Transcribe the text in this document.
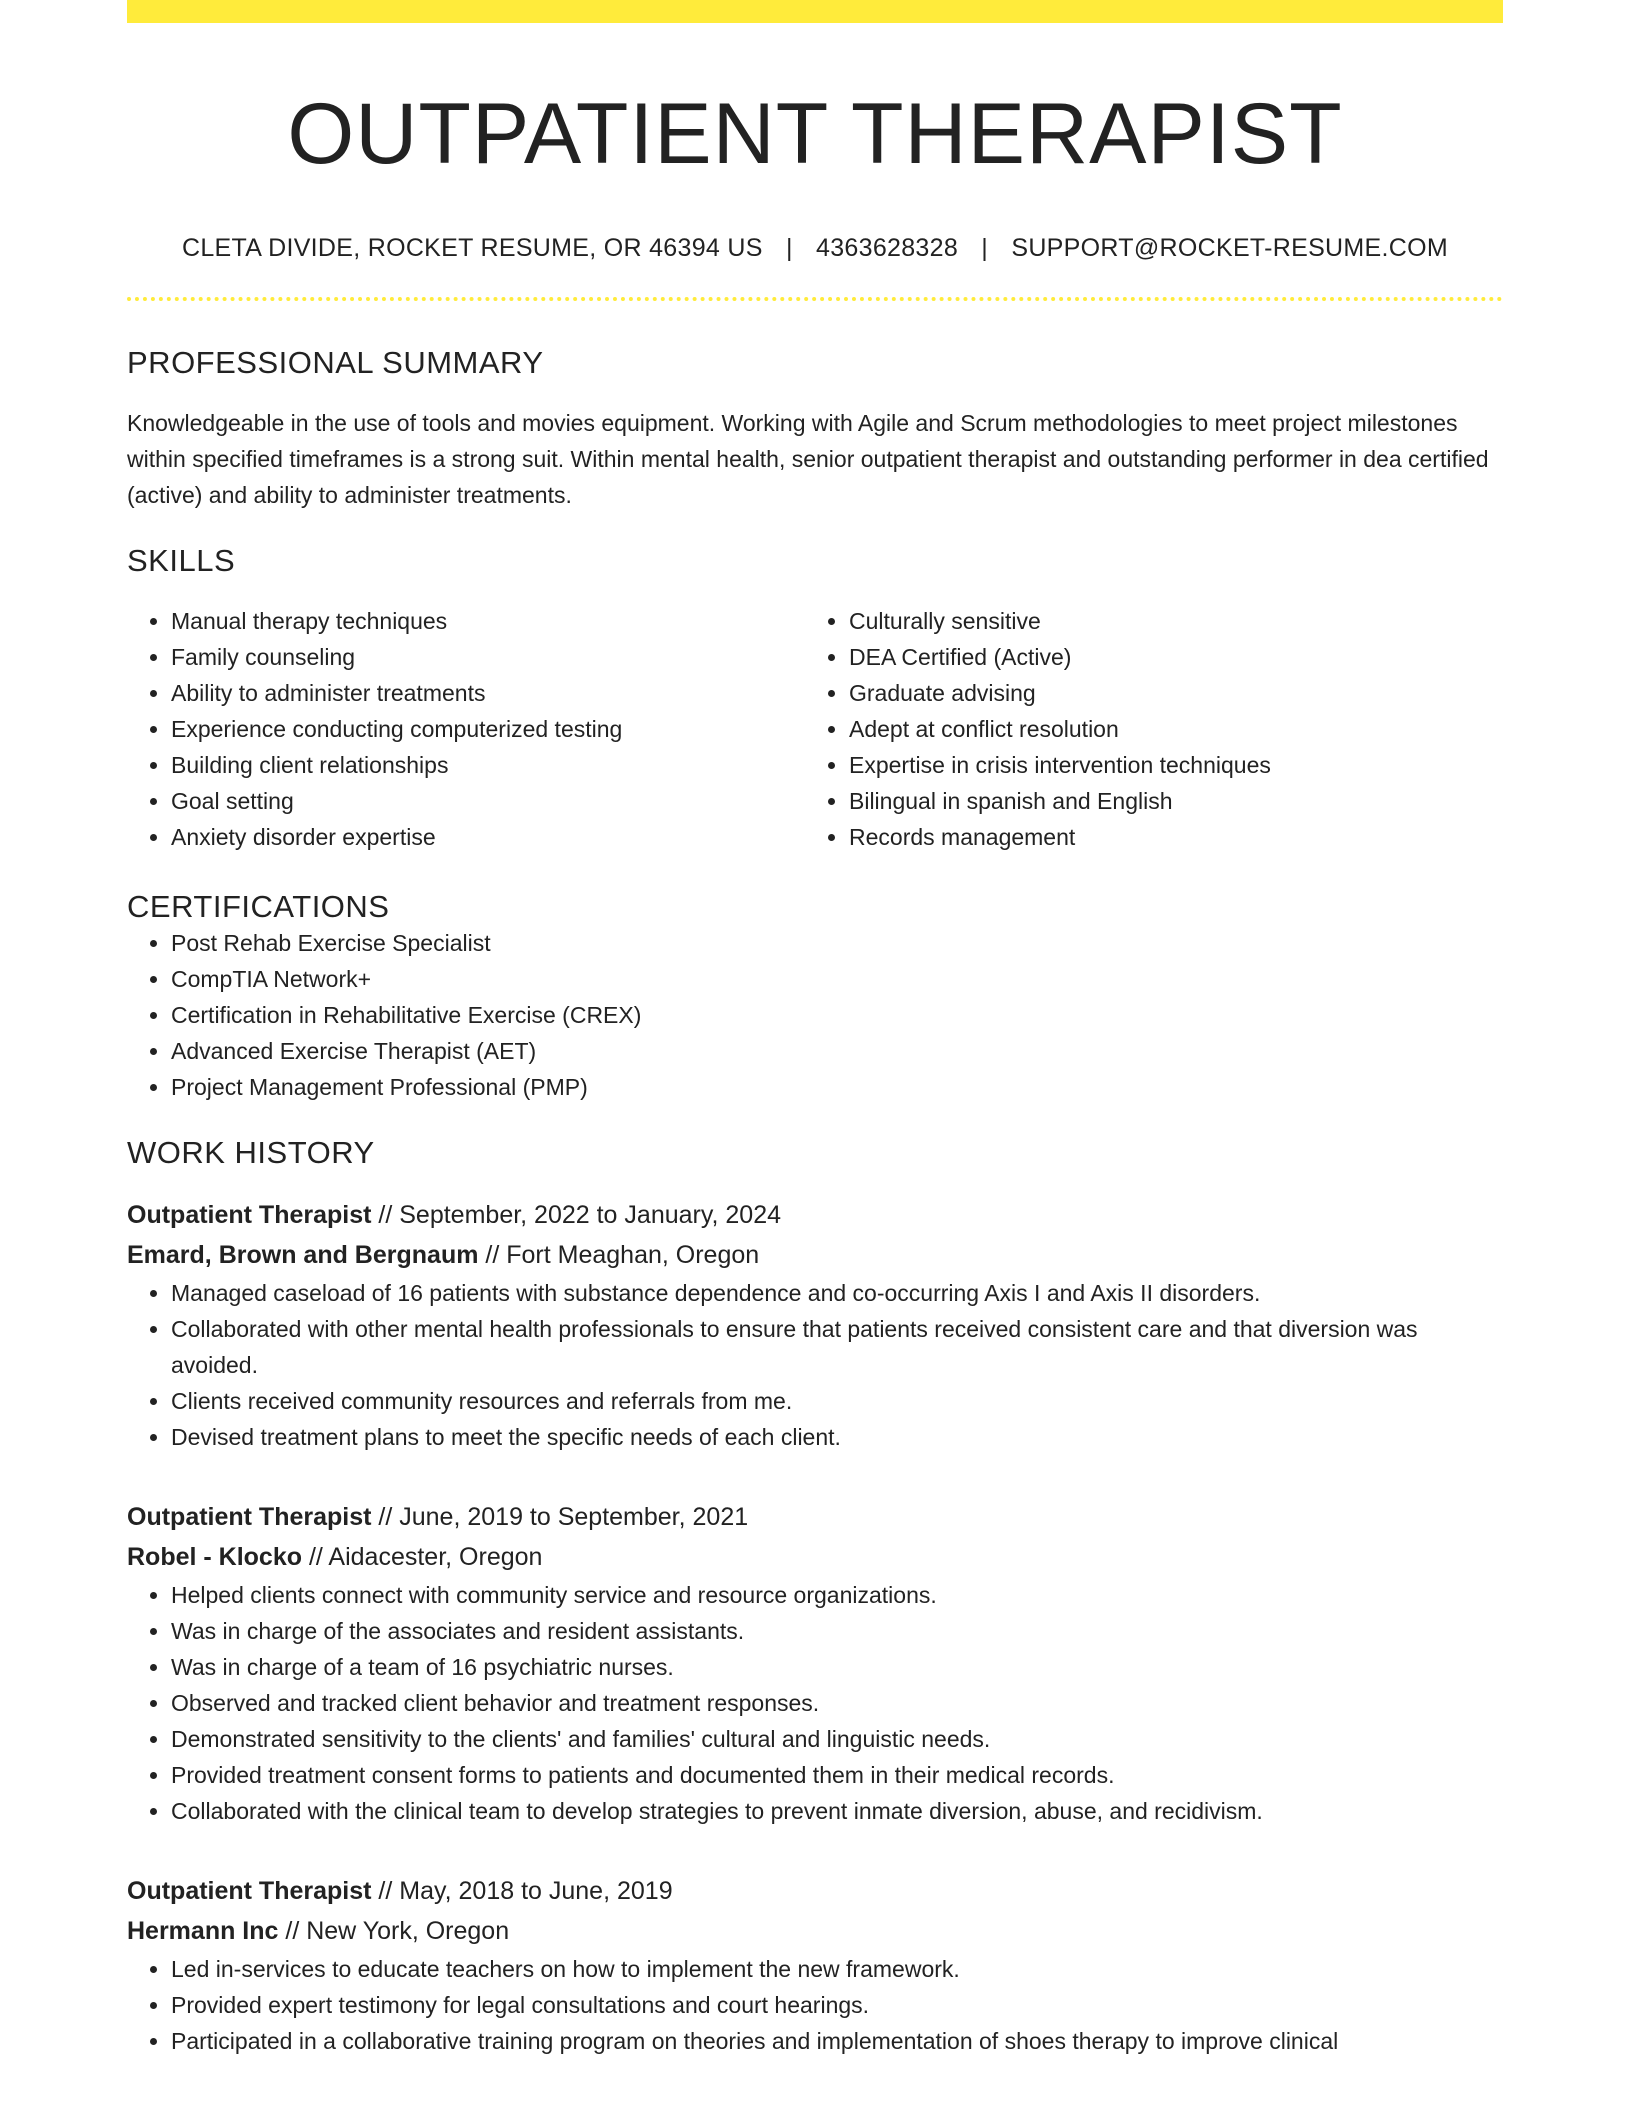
OUTPATIENT THERAPIST
CLETA DIVIDE, ROCKET RESUME, OR 46394 US | 4363628328 | SUPPORT@ROCKET-RESUME.COM
PROFESSIONAL SUMMARY
Knowledgeable in the use of tools and movies equipment. Working with Agile and Scrum methodologies to meet project milestones within specified timeframes is a strong suit. Within mental health, senior outpatient therapist and outstanding performer in dea certified (active) and ability to administer treatments.
SKILLS
• Manual therapy techniques
• Family counseling
• Ability to administer treatments
• Experience conducting computerized testing
• Building client relationships
• Goal setting
• Anxiety disorder expertise
• Culturally sensitive
• DEA Certified (Active)
• Graduate advising
• Adept at conflict resolution
• Expertise in crisis intervention techniques
• Bilingual in spanish and English
• Records management
CERTIFICATIONS
• Post Rehab Exercise Specialist
• CompTIA Network+
• Certification in Rehabilitative Exercise (CREX)
• Advanced Exercise Therapist (AET)
• Project Management Professional (PMP)
WORK HISTORY
Outpatient Therapist // September, 2022 to January, 2024
Emard, Brown and Bergnaum // Fort Meaghan, Oregon
• Managed caseload of 16 patients with substance dependence and co-occurring Axis I and Axis II disorders.
• Collaborated with other mental health professionals to ensure that patients received consistent care and that diversion was avoided.
• Clients received community resources and referrals from me.
• Devised treatment plans to meet the specific needs of each client.
Outpatient Therapist // June, 2019 to September, 2021
Robel - Klocko // Aidacester, Oregon
• Helped clients connect with community service and resource organizations.
• Was in charge of the associates and resident assistants.
• Was in charge of a team of 16 psychiatric nurses.
• Observed and tracked client behavior and treatment responses.
• Demonstrated sensitivity to the clients' and families' cultural and linguistic needs.
• Provided treatment consent forms to patients and documented them in their medical records.
• Collaborated with the clinical team to develop strategies to prevent inmate diversion, abuse, and recidivism.
Outpatient Therapist // May, 2018 to June, 2019
Hermann Inc // New York, Oregon
• Led in-services to educate teachers on how to implement the new framework.
• Provided expert testimony for legal consultations and court hearings.
• Participated in a collaborative training program on theories and implementation of shoes therapy to improve clinical
